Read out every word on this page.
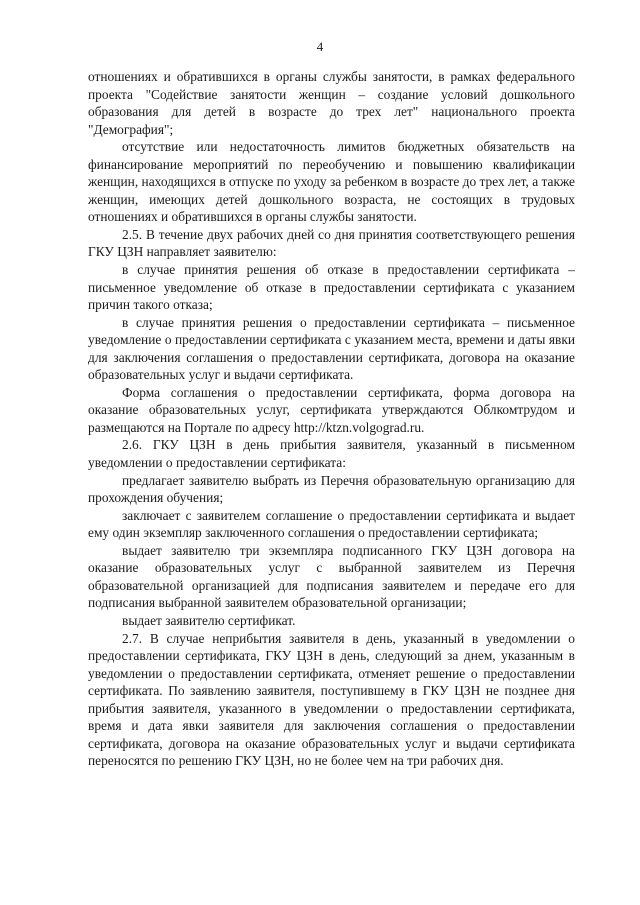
4

отношениях и обратившихся в органы службы занятости, в рамках федерального проекта "Содействие занятости женщин – создание условий дошкольного образования для детей в возрасте до трех лет" национального проекта "Демография";

отсутствие или недостаточность лимитов бюджетных обязательств на финансирование мероприятий по переобучению и повышению квалификации женщин, находящихся в отпуске по уходу за ребенком в возрасте до трех лет, а также женщин, имеющих детей дошкольного возраста, не состоящих в трудовых отношениях и обратившихся в органы службы занятости.

2.5. В течение двух рабочих дней со дня принятия соответствующего решения ГКУ ЦЗН направляет заявителю:

в случае принятия решения об отказе в предоставлении сертификата – письменное уведомление об отказе в предоставлении сертификата с указанием причин такого отказа;

в случае принятия решения о предоставлении сертификата – письменное уведомление о предоставлении сертификата с указанием места, времени и даты явки для заключения соглашения о предоставлении сертификата, договора на оказание образовательных услуг и выдачи сертификата.

Форма соглашения о предоставлении сертификата, форма договора на оказание образовательных услуг, сертификата утверждаются Облкомтрудом и размещаются на Портале по адресу http://ktzn.volgograd.ru.

2.6. ГКУ ЦЗН в день прибытия заявителя, указанный в письменном уведомлении о предоставлении сертификата:

предлагает заявителю выбрать из Перечня образовательную организацию для прохождения обучения;

заключает с заявителем соглашение о предоставлении сертификата и выдает ему один экземпляр заключенного соглашения о предоставлении сертификата;

выдает заявителю три экземпляра подписанного ГКУ ЦЗН договора на оказание образовательных услуг с выбранной заявителем из Перечня образовательной организацией для подписания заявителем и передаче его для подписания выбранной заявителем образовательной организации;

выдает заявителю сертификат.

2.7. В случае неприбытия заявителя в день, указанный в уведомлении о предоставлении сертификата, ГКУ ЦЗН в день, следующий за днем, указанным в уведомлении о предоставлении сертификата, отменяет решение о предоставлении сертификата. По заявлению заявителя, поступившему в ГКУ ЦЗН не позднее дня прибытия заявителя, указанного в уведомлении о предоставлении сертификата, время и дата явки заявителя для заключения соглашения о предоставлении сертификата, договора на оказание образовательных услуг и выдачи сертификата переносятся по решению ГКУ ЦЗН, но не более чем на три рабочих дня.
